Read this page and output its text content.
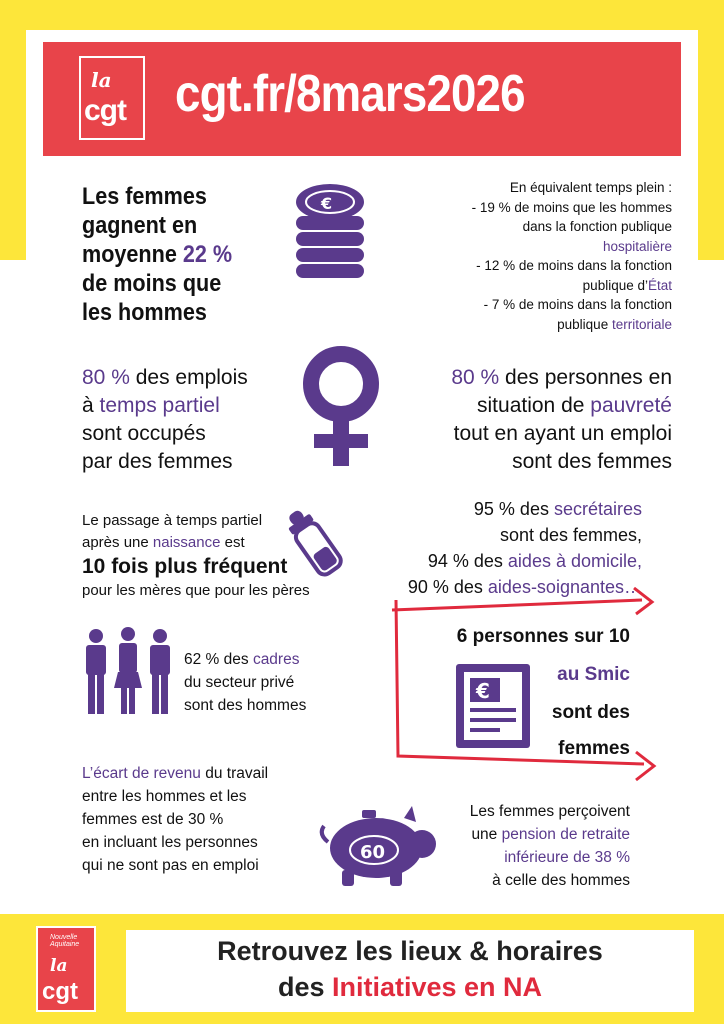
la
cgt cgt.fr/8mars2026
Les femmes
gagnent en
moyenne 22 %
de moins que
les hommes
€
En équivalent temps plein :
- 19 % de moins que les hommes
dans la fonction publique
hospitalière
- 12 % de moins dans la fonction
publique d’État
- 7 % de moins dans la fonction
publique territoriale
80 % des emplois
à temps partiel
sont occupés
par des femmes
80 % des personnes en
situation de pauvreté
tout en ayant un emploi
sont des femmes
Le passage à temps partiel
après une naissance est
10 fois plus fréquent
pour les mères que pour les pères
95 % des secrétaires
sont des femmes,
94 % des aides à domicile,
90 % des aides-soignantes…
62 % des cadres
du secteur privé
sont des hommes
€
6 personnes sur 10
au Smic
sont des
femmes
L’écart de revenu du travail
entre les hommes et les
femmes est de 30 %
en incluant les personnes
qui ne sont pas en emploi
60
Les femmes perçoivent
une pension de retraite
inférieure de 38 %
à celle des hommes
Nouvelle
Aquitaine
la
cgt
Retrouvez les lieux & horaires
des Initiatives en NA
